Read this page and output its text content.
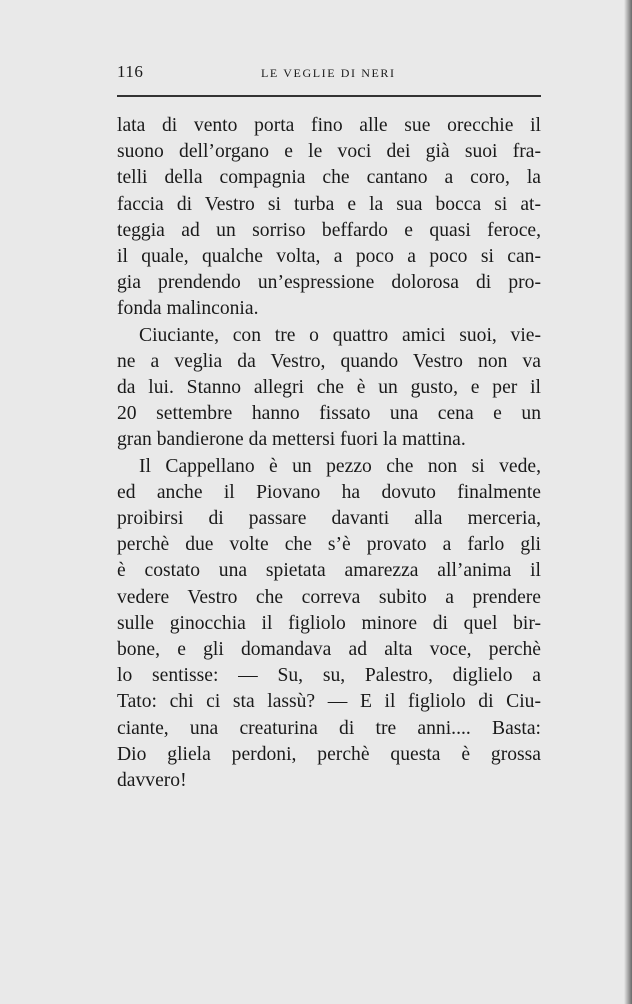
116	LE VEGLIE DI NERI
lata di vento porta fino alle sue orecchie il
suono dell’organo e le voci dei già suoi fra-
telli della compagnia che cantano a coro, la
faccia di Vestro si turba e la sua bocca si at-
teggia ad un sorriso beffardo e quasi feroce,
il quale, qualche volta, a poco a poco si can-
gia prendendo un’espressione dolorosa di pro-
fonda malinconia.
Ciuciante, con tre o quattro amici suoi, vie-
ne a veglia da Vestro, quando Vestro non va
da lui. Stanno allegri che è un gusto, e per il
20 settembre hanno fissato una cena e un
gran bandierone da mettersi fuori la mattina.
Il Cappellano è un pezzo che non si vede,
ed anche il Piovano ha dovuto finalmente
proibirsi di passare davanti alla merceria,
perchè due volte che s’è provato a farlo gli
è costato una spietata amarezza all’anima il
vedere Vestro che correva subito a prendere
sulle ginocchia il figliolo minore di quel bir-
bone, e gli domandava ad alta voce, perchè
lo sentisse: — Su, su, Palestro, diglielo a
Tato: chi ci sta lassù? — E il figliolo di Ciu-
ciante, una creaturina di tre anni.... Basta:
Dio gliela perdoni, perchè questa è grossa
davvero!
